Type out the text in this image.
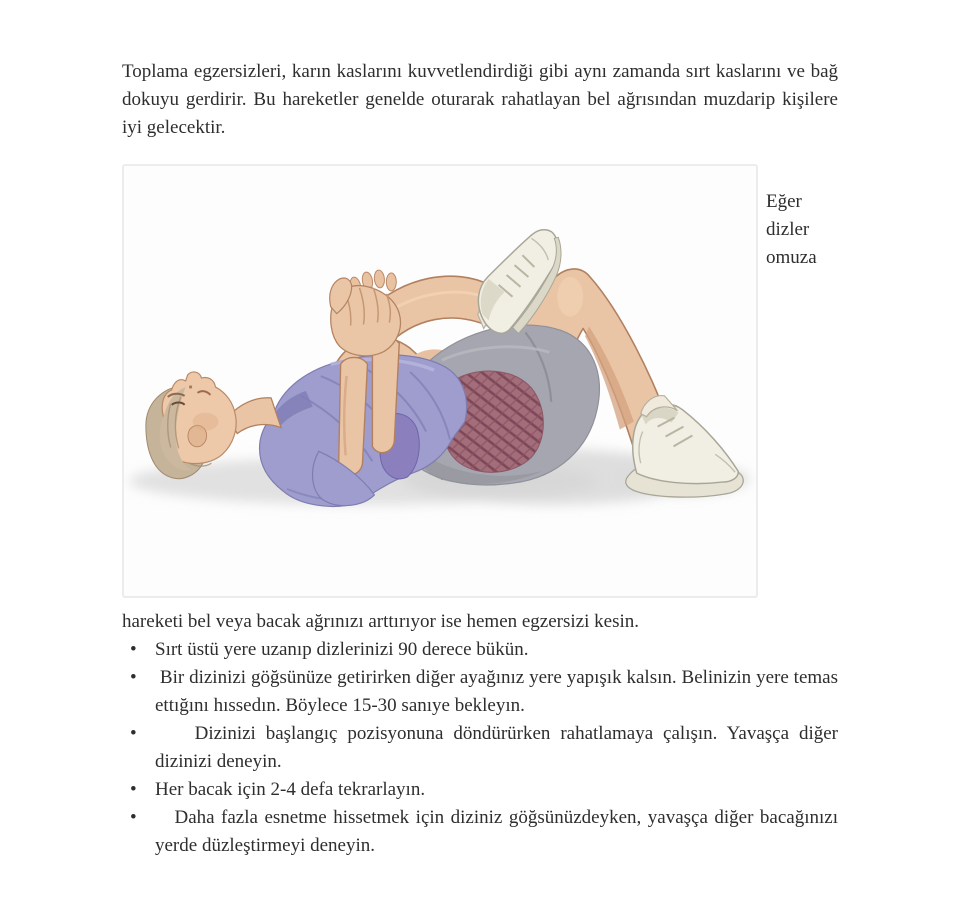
Toplama egzersizleri, karın kaslarını kuvvetlendirdiği gibi aynı zamanda sırt kaslarını ve bağ dokuyu gerdirir. Bu hareketler genelde oturarak rahatlayan bel ağrısından muzdarip kişilere iyi gelecektir.

Eğer dizler omuza

hareketi bel veya bacak ağrınızı arttırıyor ise hemen egzersizi kesin.

• Sırt üstü yere uzanıp dizlerinizi 90 derece bükün.
• Bir dizinizi göğsünüze getirirken diğer ayağınız yere yapışık kalsın. Belinizin yere temas ettığını hıssedın. Böylece 15-30 sanıye bekleyın.
• Dizinizi başlangıç pozisyonuna döndürürken rahatlamaya çalışın. Yavaşça diğer dizinizi deneyin.
• Her bacak için 2-4 defa tekrarlayın.
• Daha fazla esnetme hissetmek için diziniz göğsünüzdeyken, yavaşça diğer bacağınızı yerde düzleştirmeyi deneyin.
